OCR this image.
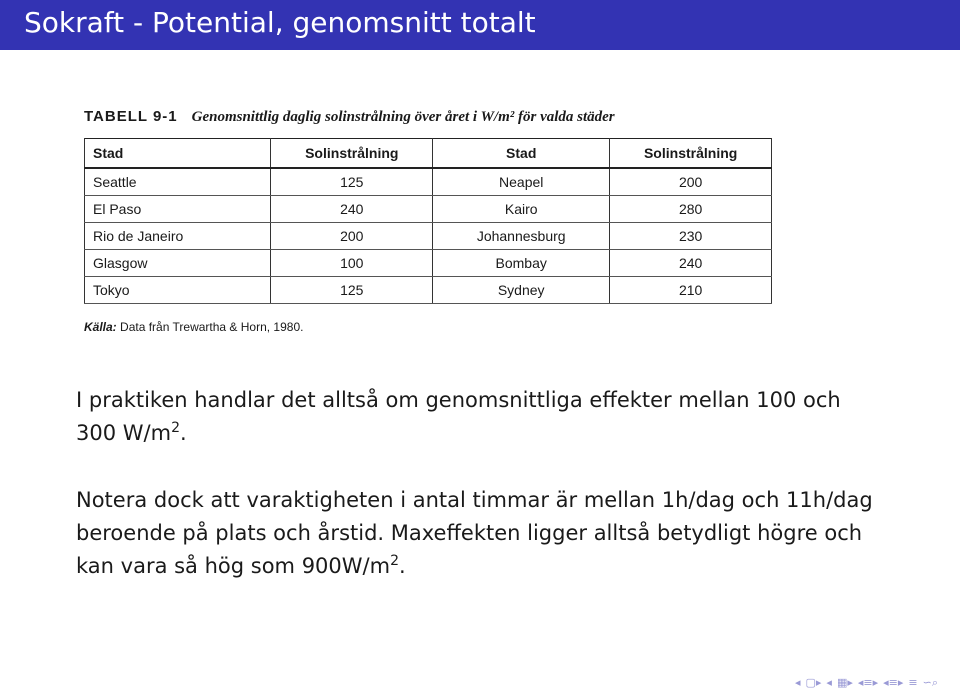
Sokraft - Potential, genomsnitt totalt
TABELL 9-1 Genomsnittlig daglig solinstrålning över året i W/m² för valda städer
Stad	Solinstrålning	Stad	Solinstrålning
Seattle	125	Neapel	200
El Paso	240	Kairo	280
Rio de Janeiro	200	Johannesburg	230
Glasgow	100	Bombay	240
Tokyo	125	Sydney	210
Källa: Data från Trewartha & Horn, 1980.

I praktiken handlar det alltså om genomsnittliga effekter mellan 100 och 300 $W/m^2$.

Notera dock att varaktigheten i antal timmar är mellan 1h/dag och 11h/dag beroende på plats och årstid. Maxeffekten ligger alltså betydligt högre och kan vara så hög som $900W/m^2$.

◂ ▢▸ ◂ ▦▸ ◂≡▸ ◂≡▸ ≡ ∽⌕
